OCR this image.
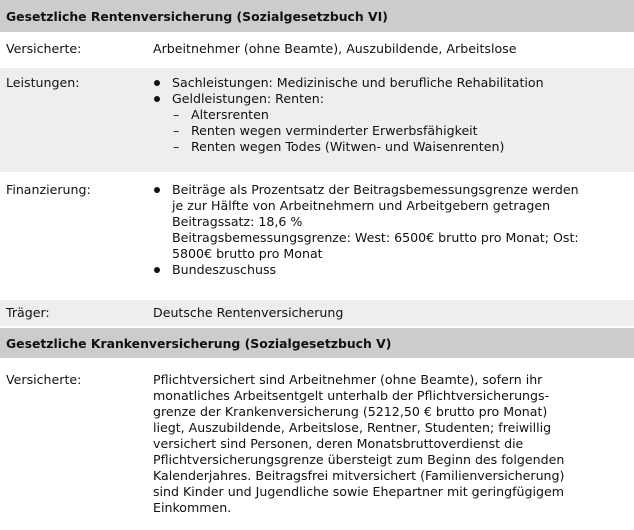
Gesetzliche Rentenversicherung (Sozialgesetzbuch VI)
Versicherte:	Arbeitnehmer (ohne Beamte), Auszubildende, Arbeitslose
Leistungen:	Sachleistungen: Medizinische und berufliche Rehabilitation
Geldleistungen: Renten:
– Altersrenten
– Renten wegen verminderter Erwerbsfähigkeit
– Renten wegen Todes (Witwen- und Waisenrenten)
Finanzierung:	Beiträge als Prozentsatz der Beitragsbemessungsgrenze werden
je zur Hälfte von Arbeitnehmern und Arbeitgebern getragen
Beitragssatz: 18,6 %
Beitragsbemessungsgrenze: West: 6500€ brutto pro Monat; Ost:
5800€ brutto pro Monat
Bundeszuschuss
Träger:	Deutsche Rentenversicherung
Gesetzliche Krankenversicherung (Sozialgesetzbuch V)
Versicherte:	Pflichtversichert sind Arbeitnehmer (ohne Beamte), sofern ihr
monatliches Arbeitsentgelt unterhalb der Pflichtversicherungs-
grenze der Krankenversicherung (5212,50 € brutto pro Monat)
liegt, Auszubildende, Arbeitslose, Rentner, Studenten; freiwillig
versichert sind Personen, deren Monatsbruttoverdienst die
Pflichtversicherungsgrenze übersteigt zum Beginn des folgenden
Kalenderjahres. Beitragsfrei mitversichert (Familienversicherung)
sind Kinder und Jugendliche sowie Ehepartner mit geringfügigem
Einkommen.
